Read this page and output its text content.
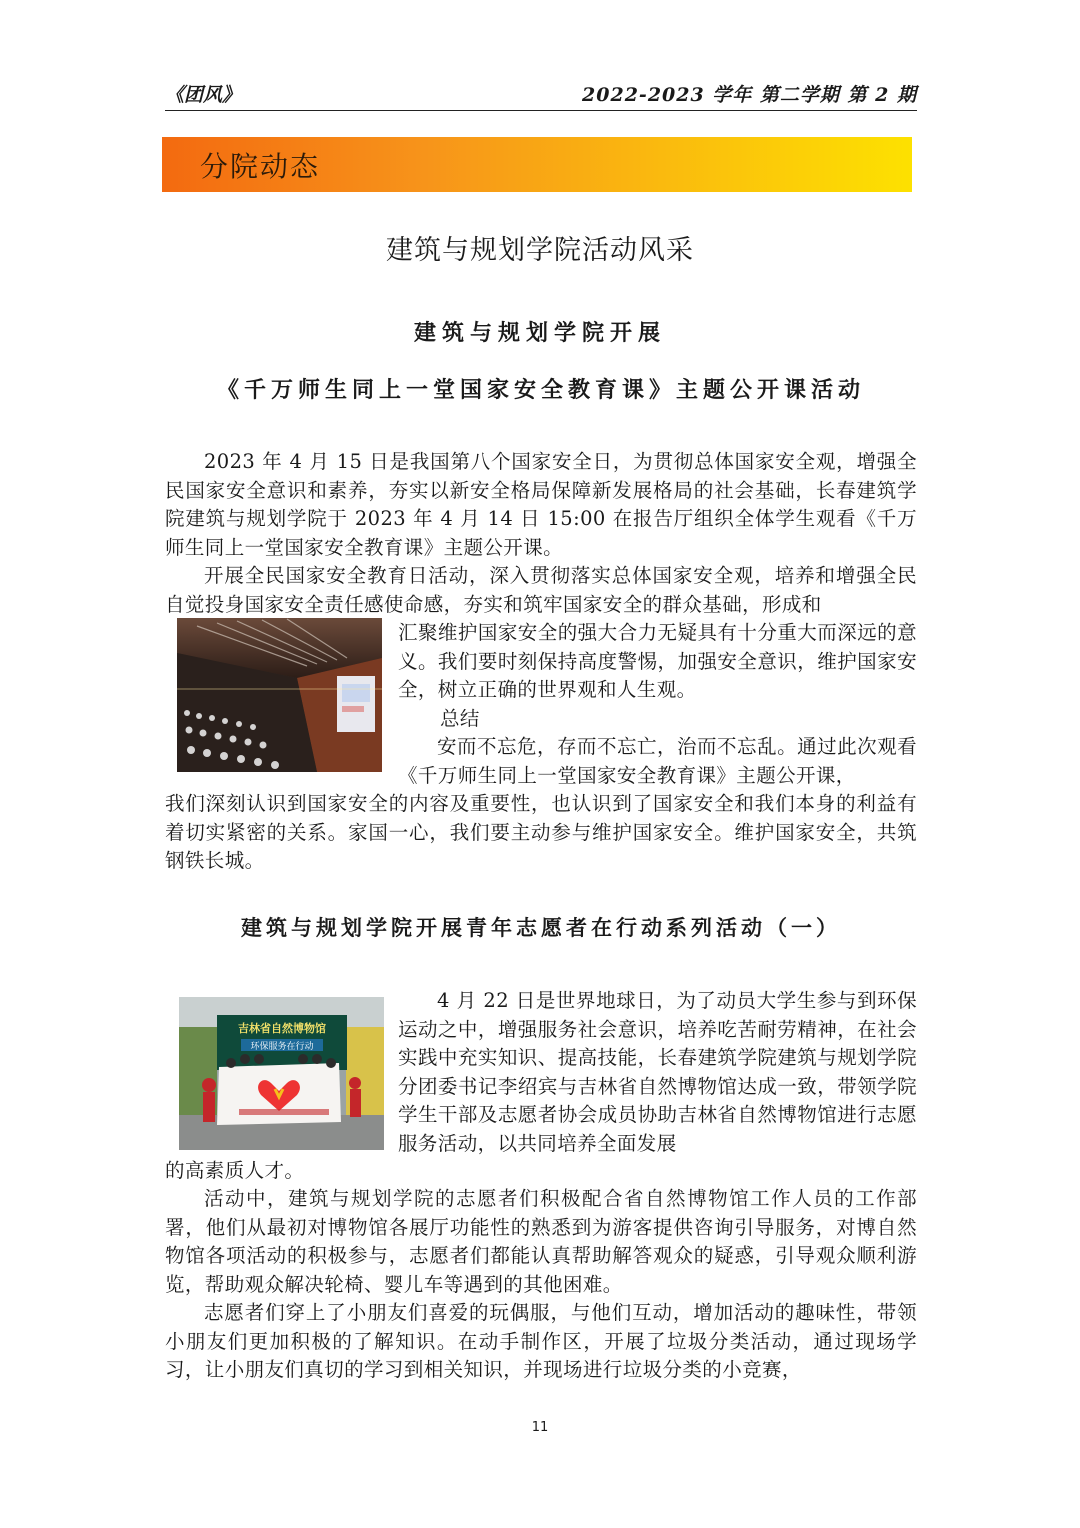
《团风》	2022-2023 学年 第二学期 第 2 期
分院动态
建筑与规划学院活动风采
建筑与规划学院开展
《千万师生同上一堂国家安全教育课》主题公开课活动
2023 年 4 月 15 日是我国第八个国家安全日，为贯彻总体国家安全观，增强全民国家安全意识和素养，夯实以新安全格局保障新发展格局的社会基础，长春建筑学院建筑与规划学院于 2023 年 4 月 14 日 15:00 在报告厅组织全体学生观看《千万师生同上一堂国家安全教育课》主题公开课。
开展全民国家安全教育日活动，深入贯彻落实总体国家安全观，培养和增强全民自觉投身国家安全责任感使命感，夯实和筑牢国家安全的群众基础，形成和
汇聚维护国家安全的强大合力无疑具有十分重大而深远的意义。我们要时刻保持高度警惕，加强安全意识，维护国家安全，树立正确的世界观和人生观。
总结
安而不忘危，存而不忘亡，治而不忘乱。通过此次观看《千万师生同上一堂国家安全教育课》主题公开课，
我们深刻认识到国家安全的内容及重要性，也认识到了国家安全和我们本身的利益有着切实紧密的关系。家国一心，我们要主动参与维护国家安全。维护国家安全，共筑钢铁长城。
建筑与规划学院开展青年志愿者在行动系列活动（一）
吉林省自然博物馆
环保服务在行动
4 月 22 日是世界地球日，为了动员大学生参与到环保运动之中，增强服务社会意识，培养吃苦耐劳精神，在社会实践中充实知识、提高技能，长春建筑学院建筑与规划学院分团委书记李绍宾与吉林省自然博物馆达成一致，带领学院学生干部及志愿者协会成员协助吉林省自然博物馆进行志愿服务活动，以共同培养全面发展
的高素质人才。
活动中，建筑与规划学院的志愿者们积极配合省自然博物馆工作人员的工作部署，他们从最初对博物馆各展厅功能性的熟悉到为游客提供咨询引导服务，对博自然物馆各项活动的积极参与，志愿者们都能认真帮助解答观众的疑惑，引导观众顺利游览，帮助观众解决轮椅、婴儿车等遇到的其他困难。
志愿者们穿上了小朋友们喜爱的玩偶服，与他们互动，增加活动的趣味性，带领小朋友们更加积极的了解知识。在动手制作区，开展了垃圾分类活动，通过现场学习，让小朋友们真切的学习到相关知识，并现场进行垃圾分类的小竞赛，
11
